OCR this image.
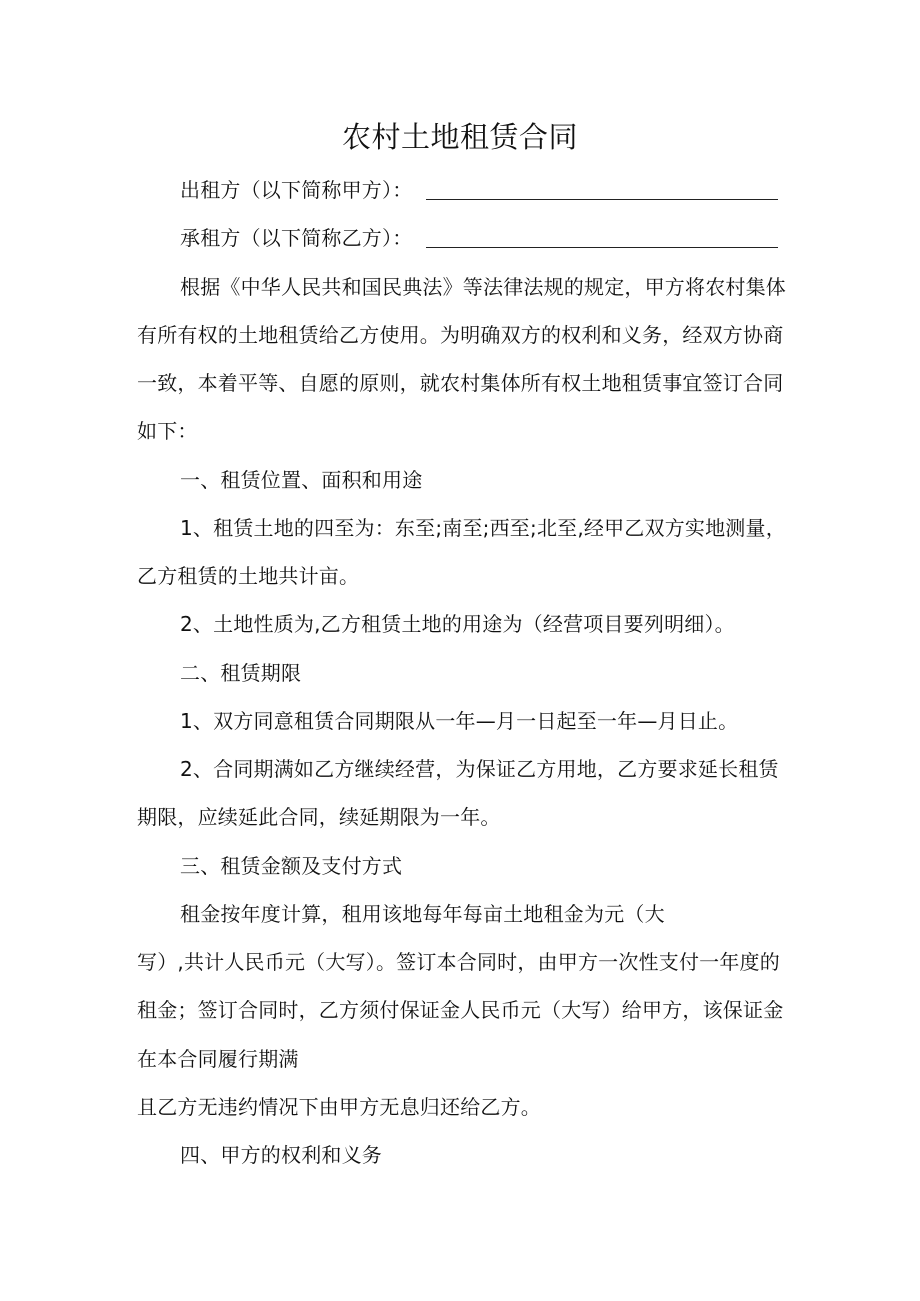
农村土地租赁合同
出租方（以下简称甲方）：
承租方（以下简称乙方）：
根据《中华人民共和国民典法》等法律法规的规定，甲方将农村集体
有所有权的土地租赁给乙方使用。为明确双方的权利和义务，经双方协商
一致，本着平等、自愿的原则，就农村集体所有权土地租赁事宜签订合同
如下：
一、租赁位置、面积和用途
1、租赁土地的四至为：东至;南至;西至;北至,经甲乙双方实地测量，
乙方租赁的土地共计亩。
2、土地性质为,乙方租赁土地的用途为（经营项目要列明细）。
二、租赁期限
1、双方同意租赁合同期限从一年—月一日起至一年—月日止。
2、合同期满如乙方继续经营，为保证乙方用地，乙方要求延长租赁
期限，应续延此合同，续延期限为一年。
三、租赁金额及支付方式
租金按年度计算，租用该地每年每亩土地租金为元（大
写）,共计人民币元（大写）。签订本合同时，由甲方一次性支付一年度的
租金；签订合同时，乙方须付保证金人民币元（大写）给甲方，该保证金
在本合同履行期满
且乙方无违约情况下由甲方无息归还给乙方。
四、甲方的权利和义务
